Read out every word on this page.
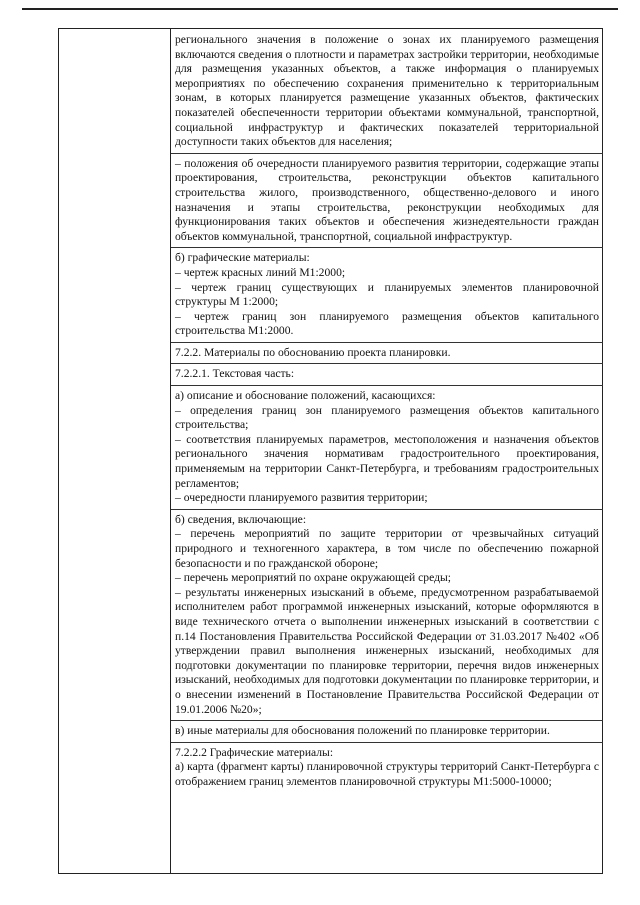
регионального значения в положение о зонах их планируемого размещения включаются сведения о плотности и параметрах застройки территории, необходимые для размещения указанных объектов, а также информация о планируемых мероприятиях по обеспечению сохранения применительно к территориальным зонам, в которых планируется размещение указанных объектов, фактических показателей обеспеченности территории объектами коммунальной, транспортной, социальной инфраструктур и фактических показателей территориальной доступности таких объектов для населения;

– положения об очередности планируемого развития территории, содержащие этапы проектирования, строительства, реконструкции объектов капитального строительства жилого, производственного, общественно-делового и иного назначения и этапы строительства, реконструкции необходимых для функционирования таких объектов и обеспечения жизнедеятельности граждан объектов коммунальной, транспортной, социальной инфраструктур.

б) графические материалы:

– чертеж красных линий М1:2000;

– чертеж границ существующих и планируемых элементов планировочной структуры М 1:2000;

– чертеж границ зон планируемого размещения объектов капитального строительства М1:2000.

7.2.2. Материалы по обоснованию проекта планировки.

7.2.2.1. Текстовая часть:

а) описание и обоснование положений, касающихся:

– определения границ зон планируемого размещения объектов капитального строительства;

– соответствия планируемых параметров, местоположения и назначения объектов регионального значения нормативам градостроительного проектирования, применяемым на территории Санкт-Петербурга, и требованиям градостроительных регламентов;

– очередности планируемого развития территории;

б) сведения, включающие:

– перечень мероприятий по защите территории от чрезвычайных ситуаций природного и техногенного характера, в том числе по обеспечению пожарной безопасности и по гражданской обороне;

– перечень мероприятий по охране окружающей среды;

– результаты инженерных изысканий в объеме, предусмотренном разрабатываемой исполнителем работ программой инженерных изысканий, которые оформляются в виде технического отчета о выполнении инженерных изысканий в соответствии с п.14 Постановления Правительства Российской Федерации от 31.03.2017 №402 «Об утверждении правил выполнения инженерных изысканий, необходимых для подготовки документации по планировке территории, перечня видов инженерных изысканий, необходимых для подготовки документации по планировке территории, и о внесении изменений в Постановление Правительства Российской Федерации от 19.01.2006 №20»;

в) иные материалы для обоснования положений по планировке территории.

7.2.2.2 Графические материалы:

а) карта (фрагмент карты) планировочной структуры территорий Санкт-Петербурга с отображением границ элементов планировочной структуры М1:5000-10000;
